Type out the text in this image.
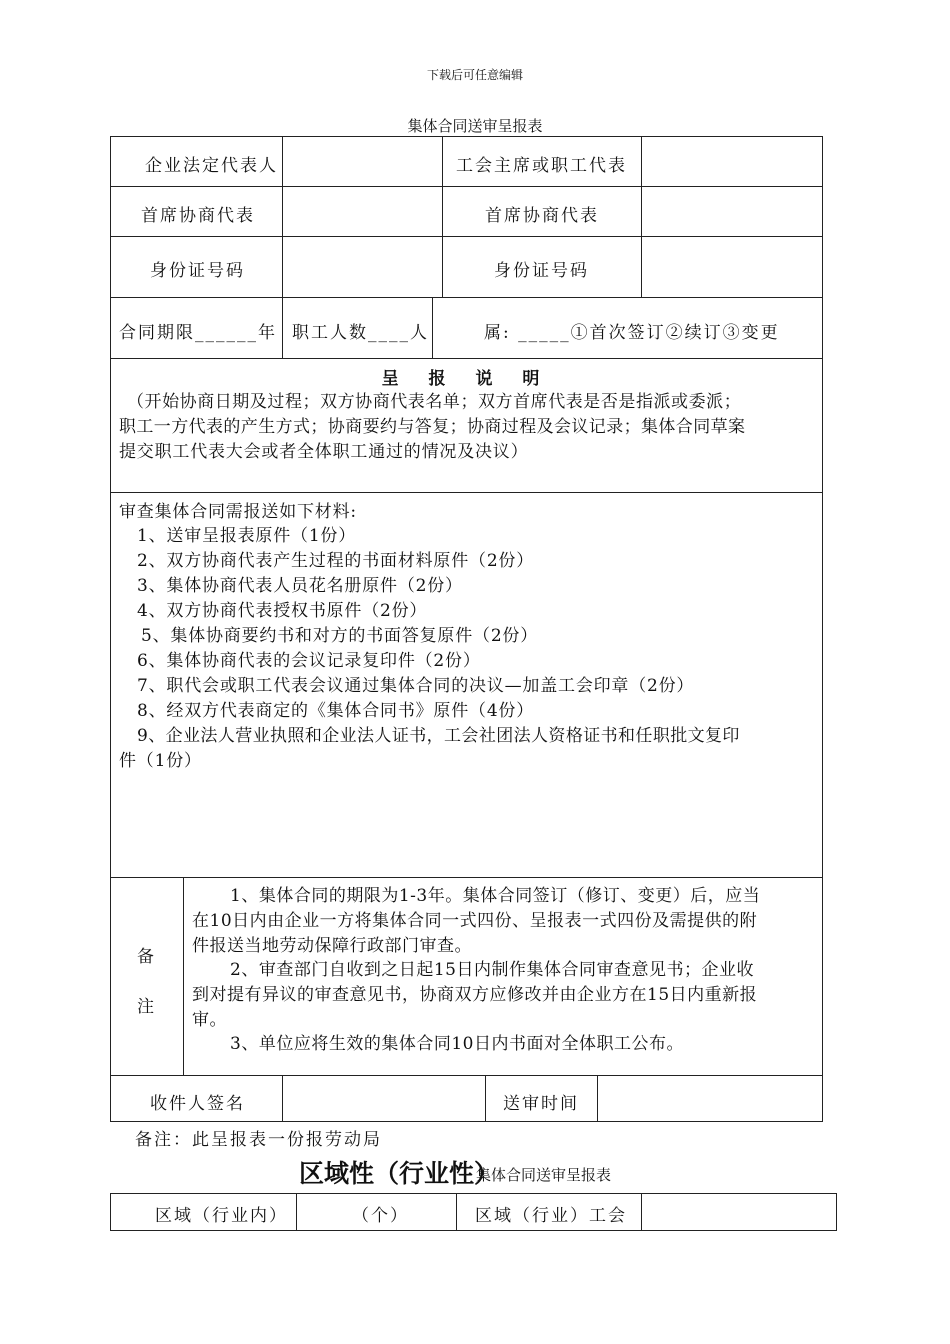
下载后可任意编辑
集体合同送审呈报表
企业法定代表人	工会主席或职工代表
首席协商代表	首席协商代表
身份证号码	身份证号码
合同期限______年 职工人数____人	属: _____①首次签订②续订③变更
呈 报 说 明
（开始协商日期及过程；双方协商代表名单；双方首席代表是否是指派或委派；
职工一方代表的产生方式；协商要约与答复；协商过程及会议记录；集体合同草案
提交职工代表大会或者全体职工通过的情况及决议）
审查集体合同需报送如下材料:
1、送审呈报表原件（1份）
2、双方协商代表产生过程的书面材料原件（2份）
3、集体协商代表人员花名册原件（2份）
4、双方协商代表授权书原件（2份）
5、集体协商要约书和对方的书面答复原件（2份）
6、集体协商代表的会议记录复印件（2份）
7、职代会或职工代表会议通过集体合同的决议—加盖工会印章（2份）
8、经双方代表商定的《集体合同书》原件（4份）
9、企业法人营业执照和企业法人证书，工会社团法人资格证书和任职批文复印
件（1份）
备
注
1、集体合同的期限为1-3年。集体合同签订（修订、变更）后，应当
在10日内由企业一方将集体合同一式四份、呈报表一式四份及需提供的附
件报送当地劳动保障行政部门审查。
2、审查部门自收到之日起15日内制作集体合同审查意见书；企业收
到对提有异议的审查意见书，协商双方应修改并由企业方在15日内重新报
审。
3、单位应将生效的集体合同10日内书面对全体职工公布。
收件人签名	送审时间
备注：此呈报表一份报劳动局
区域性（行业性）
集体合同送审呈报表
区域（行业内）	（个）	区域（行业）工会
